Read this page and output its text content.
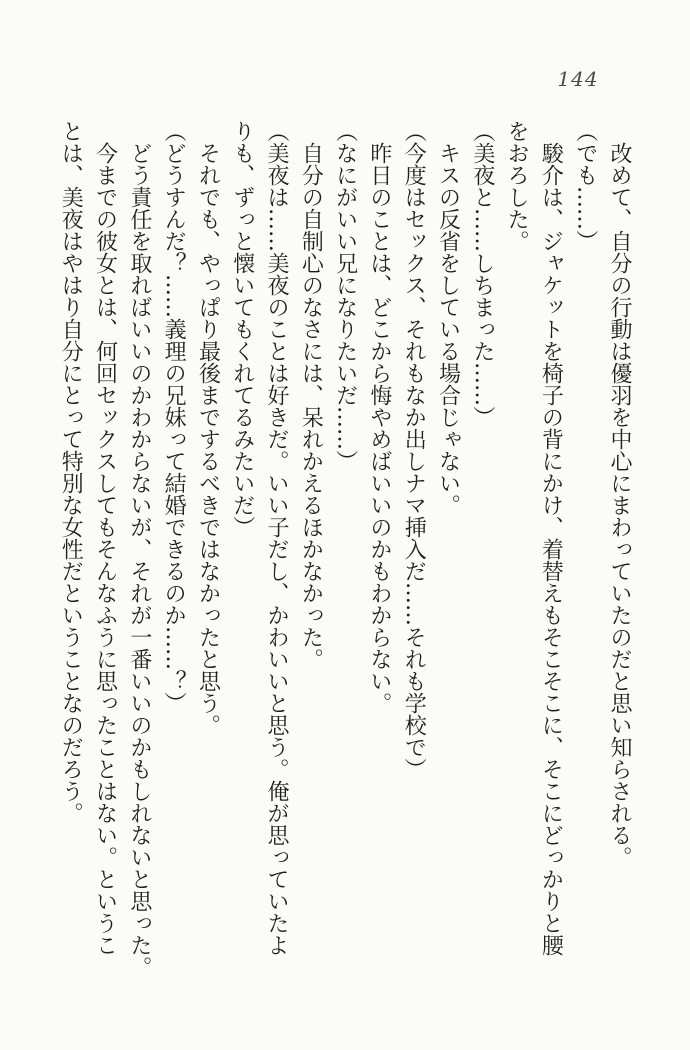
144
　改めて、自分の行動は優羽を中心にまわっていたのだと思い知らされる。
（でも……）
　駿介は、ジャケットを椅子の背にかけ、着替えもそこそこに、そこにどっかりと腰
をおろした。
（美夜と……しちまった……）
　キスの反省をしている場合じゃない。
（今度はセックス、それもなか出しナマ挿入だ……それも学校で）
　昨日のことは、どこから悔やめばいいのかもわからない。
（なにがいい兄になりたいだ……）
　自分の自制心のなさには、呆れかえるほかなかった。
（美夜は……美夜のことは好きだ。いい子だし、かわいいと思う。俺が思っていたよ
りも、ずっと懐いてもくれてるみたいだ）
　それでも、やっぱり最後までするべきではなかったと思う。
（どうすんだ？……義理の兄妹って結婚できるのか……？）
　どう責任を取ればいいのかわからないが、それが一番いいのかもしれないと思った。
　今までの彼女とは、何回セックスしてもそんなふうに思ったことはない。というこ
とは、美夜はやはり自分にとって特別な女性だということなのだろう。
